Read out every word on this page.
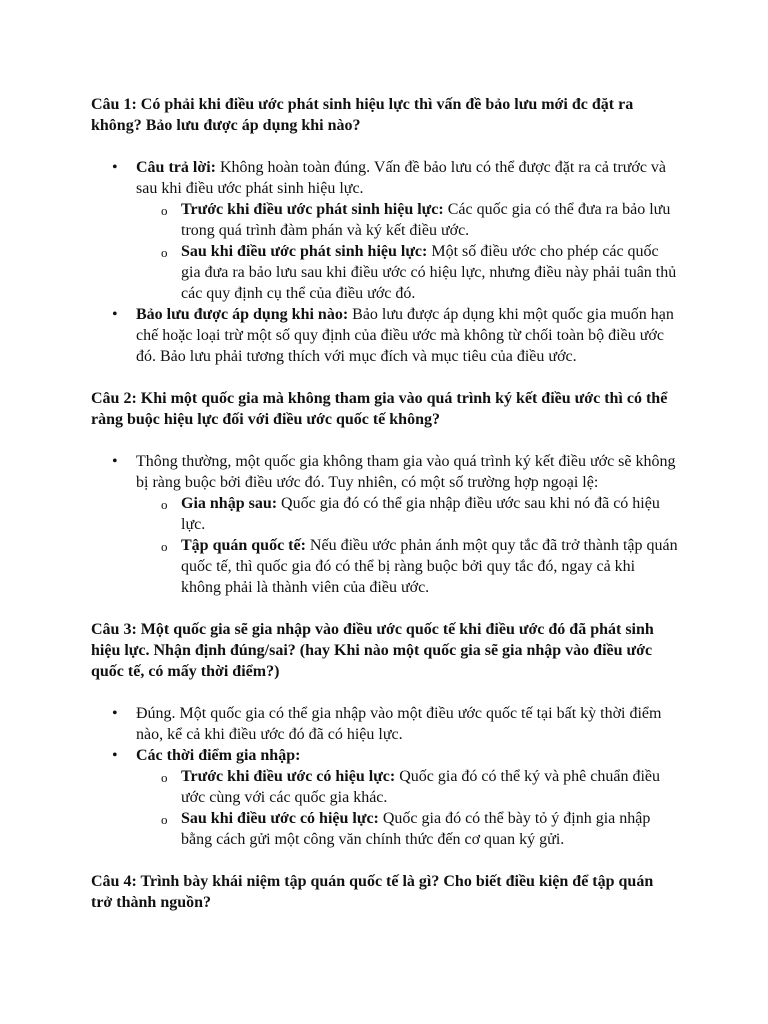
Câu 1: Có phải khi điều ước phát sinh hiệu lực thì vấn đề bảo lưu mới đc đặt ra không? Bảo lưu được áp dụng khi nào?

• Câu trả lời: Không hoàn toàn đúng. Vấn đề bảo lưu có thể được đặt ra cả trước và sau khi điều ước phát sinh hiệu lực.
o Trước khi điều ước phát sinh hiệu lực: Các quốc gia có thể đưa ra bảo lưu trong quá trình đàm phán và ký kết điều ước.
o Sau khi điều ước phát sinh hiệu lực: Một số điều ước cho phép các quốc gia đưa ra bảo lưu sau khi điều ước có hiệu lực, nhưng điều này phải tuân thủ các quy định cụ thể của điều ước đó.
• Bảo lưu được áp dụng khi nào: Bảo lưu được áp dụng khi một quốc gia muốn hạn chế hoặc loại trừ một số quy định của điều ước mà không từ chối toàn bộ điều ước đó. Bảo lưu phải tương thích với mục đích và mục tiêu của điều ước.

Câu 2: Khi một quốc gia mà không tham gia vào quá trình ký kết điều ước thì có thể ràng buộc hiệu lực đối với điều ước quốc tế không?

• Thông thường, một quốc gia không tham gia vào quá trình ký kết điều ước sẽ không bị ràng buộc bởi điều ước đó. Tuy nhiên, có một số trường hợp ngoại lệ:
o Gia nhập sau: Quốc gia đó có thể gia nhập điều ước sau khi nó đã có hiệu lực.
o Tập quán quốc tế: Nếu điều ước phản ánh một quy tắc đã trở thành tập quán quốc tế, thì quốc gia đó có thể bị ràng buộc bởi quy tắc đó, ngay cả khi không phải là thành viên của điều ước.

Câu 3: Một quốc gia sẽ gia nhập vào điều ước quốc tế khi điều ước đó đã phát sinh hiệu lực. Nhận định đúng/sai? (hay Khi nào một quốc gia sẽ gia nhập vào điều ước quốc tế, có mấy thời điểm?)

• Đúng. Một quốc gia có thể gia nhập vào một điều ước quốc tế tại bất kỳ thời điểm nào, kể cả khi điều ước đó đã có hiệu lực.
• Các thời điểm gia nhập:
o Trước khi điều ước có hiệu lực: Quốc gia đó có thể ký và phê chuẩn điều ước cùng với các quốc gia khác.
o Sau khi điều ước có hiệu lực: Quốc gia đó có thể bày tỏ ý định gia nhập bằng cách gửi một công văn chính thức đến cơ quan ký gửi.

Câu 4: Trình bày khái niệm tập quán quốc tế là gì? Cho biết điều kiện để tập quán trở thành nguồn?
